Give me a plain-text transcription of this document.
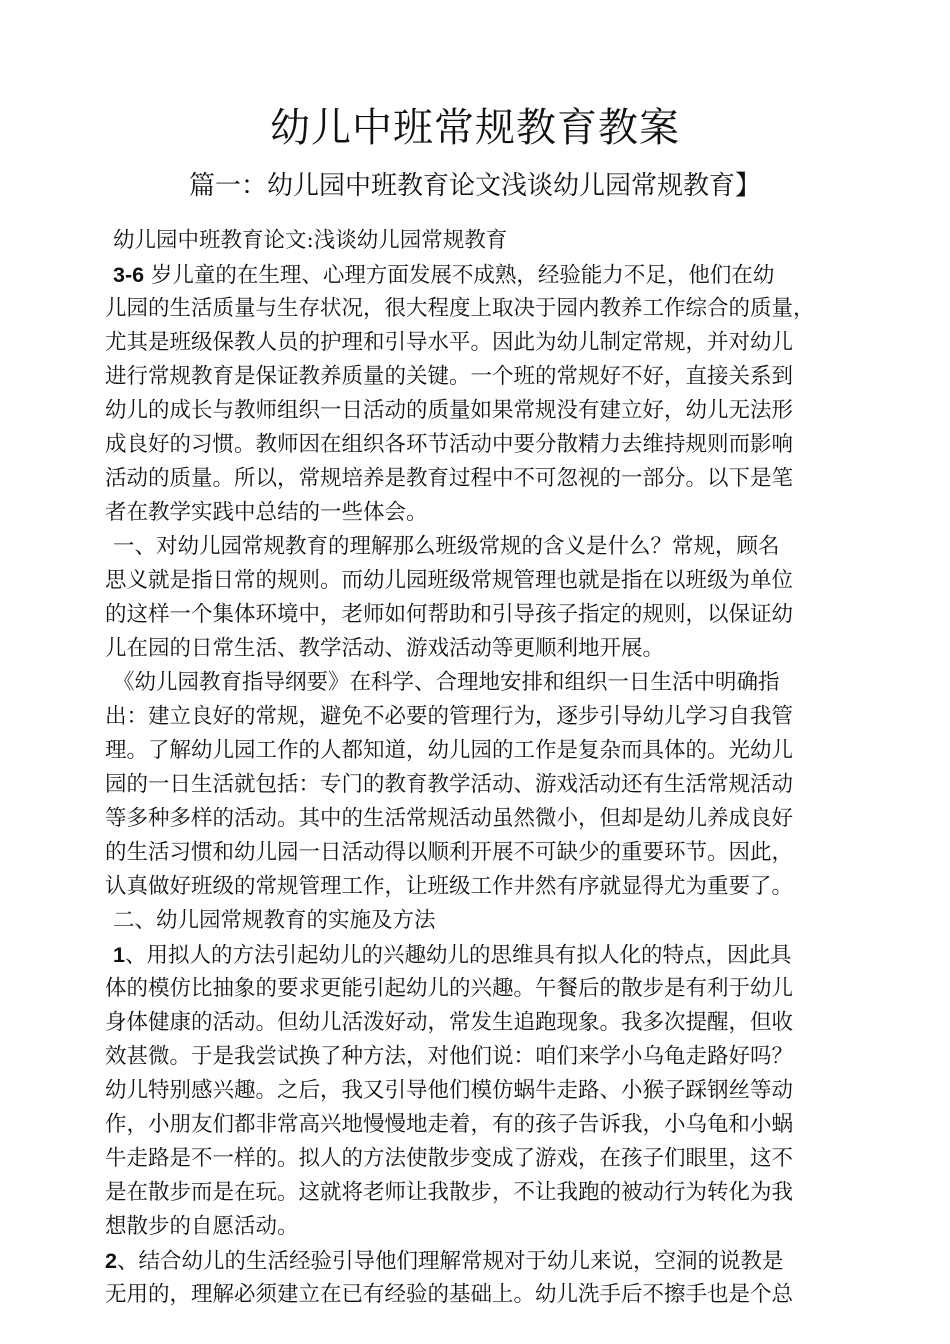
幼儿中班常规教育教案
篇一：幼儿园中班教育论文浅谈幼儿园常规教育】
幼儿园中班教育论文:浅谈幼儿园常规教育
3-6 岁儿童的在生理、心理方面发展不成熟，经验能力不足，他们在幼
儿园的生活质量与生存状况，很大程度上取决于园内教养工作综合的质量，
尤其是班级保教人员的护理和引导水平。因此为幼儿制定常规，并对幼儿
进行常规教育是保证教养质量的关键。一个班的常规好不好，直接关系到
幼儿的成长与教师组织一日活动的质量如果常规没有建立好，幼儿无法形
成良好的习惯。教师因在组织各环节活动中要分散精力去维持规则而影响
活动的质量。所以，常规培养是教育过程中不可忽视的一部分。以下是笔
者在教学实践中总结的一些体会。
一、对幼儿园常规教育的理解那么班级常规的含义是什么？常规，顾名
思义就是指日常的规则。而幼儿园班级常规管理也就是指在以班级为单位
的这样一个集体环境中，老师如何帮助和引导孩子指定的规则，以保证幼
儿在园的日常生活、教学活动、游戏活动等更顺利地开展。
《幼儿园教育指导纲要》在科学、合理地安排和组织一日生活中明确指
出：建立良好的常规，避免不必要的管理行为，逐步引导幼儿学习自我管
理。了解幼儿园工作的人都知道，幼儿园的工作是复杂而具体的。光幼儿
园的一日生活就包括：专门的教育教学活动、游戏活动还有生活常规活动
等多种多样的活动。其中的生活常规活动虽然微小，但却是幼儿养成良好
的生活习惯和幼儿园一日活动得以顺利开展不可缺少的重要环节。因此，
认真做好班级的常规管理工作，让班级工作井然有序就显得尤为重要了。
二、幼儿园常规教育的实施及方法
1、用拟人的方法引起幼儿的兴趣幼儿的思维具有拟人化的特点，因此具
体的模仿比抽象的要求更能引起幼儿的兴趣。午餐后的散步是有利于幼儿
身体健康的活动。但幼儿活泼好动，常发生追跑现象。我多次提醒，但收
效甚微。于是我尝试换了种方法，对他们说：咱们来学小乌龟走路好吗？
幼儿特别感兴趣。之后，我又引导他们模仿蜗牛走路、小猴子踩钢丝等动
作，小朋友们都非常高兴地慢慢地走着，有的孩子告诉我，小乌龟和小蜗
牛走路是不一样的。拟人的方法使散步变成了游戏，在孩子们眼里，这不
是在散步而是在玩。这就将老师让我散步，不让我跑的被动行为转化为我
想散步的自愿活动。
2、结合幼儿的生活经验引导他们理解常规对于幼儿来说，空洞的说教是
无用的，理解必须建立在已有经验的基础上。幼儿洗手后不擦手也是个总
